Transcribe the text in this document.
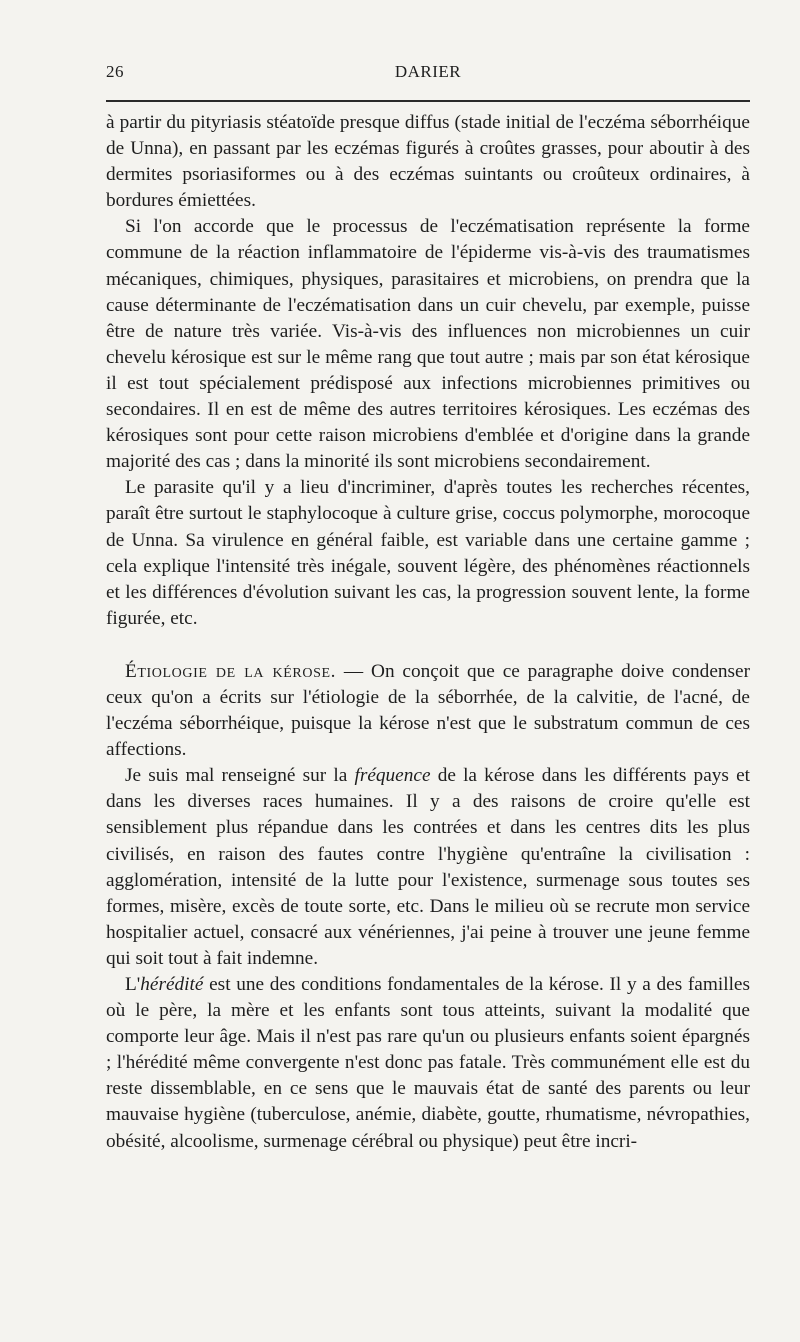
26	DARIER

à partir du pityriasis stéatoïde presque diffus (stade initial de l'eczéma séborrhéique de Unna), en passant par les eczémas figurés à croûtes grasses, pour aboutir à des dermites psoriasiformes ou à des eczémas suintants ou croûteux ordinaires, à bordures émiettées.

Si l'on accorde que le processus de l'eczématisation représente la forme commune de la réaction inflammatoire de l'épiderme vis-à-vis des traumatismes mécaniques, chimiques, physiques, parasitaires et microbiens, on prendra que la cause déterminante de l'eczématisation dans un cuir chevelu, par exemple, puisse être de nature très variée. Vis-à-vis des influences non microbiennes un cuir chevelu kérosique est sur le même rang que tout autre ; mais par son état kérosique il est tout spécialement prédisposé aux infections microbiennes primitives ou secondaires. Il en est de même des autres territoires kérosiques. Les eczémas des kérosiques sont pour cette raison microbiens d'emblée et d'origine dans la grande majorité des cas ; dans la minorité ils sont microbiens secondairement.

Le parasite qu'il y a lieu d'incriminer, d'après toutes les recherches récentes, paraît être surtout le staphylocoque à culture grise, coccus polymorphe, morocoque de Unna. Sa virulence en général faible, est variable dans une certaine gamme ; cela explique l'intensité très inégale, souvent légère, des phénomènes réactionnels et les différences d'évolution suivant les cas, la progression souvent lente, la forme figurée, etc.

Étiologie de la kérose. — On conçoit que ce paragraphe doive condenser ceux qu'on a écrits sur l'étiologie de la séborrhée, de la calvitie, de l'acné, de l'eczéma séborrhéique, puisque la kérose n'est que le substratum commun de ces affections.

Je suis mal renseigné sur la fréquence de la kérose dans les différents pays et dans les diverses races humaines. Il y a des raisons de croire qu'elle est sensiblement plus répandue dans les contrées et dans les centres dits les plus civilisés, en raison des fautes contre l'hygiène qu'entraîne la civilisation : agglomération, intensité de la lutte pour l'existence, surmenage sous toutes ses formes, misère, excès de toute sorte, etc. Dans le milieu où se recrute mon service hospitalier actuel, consacré aux vénériennes, j'ai peine à trouver une jeune femme qui soit tout à fait indemne.

L'hérédité est une des conditions fondamentales de la kérose. Il y a des familles où le père, la mère et les enfants sont tous atteints, suivant la modalité que comporte leur âge. Mais il n'est pas rare qu'un ou plusieurs enfants soient épargnés ; l'hérédité même convergente n'est donc pas fatale. Très communément elle est du reste dissemblable, en ce sens que le mauvais état de santé des parents ou leur mauvaise hygiène (tuberculose, anémie, diabète, goutte, rhumatisme, névropathies, obésité, alcoolisme, surmenage cérébral ou physique) peut être incri-
